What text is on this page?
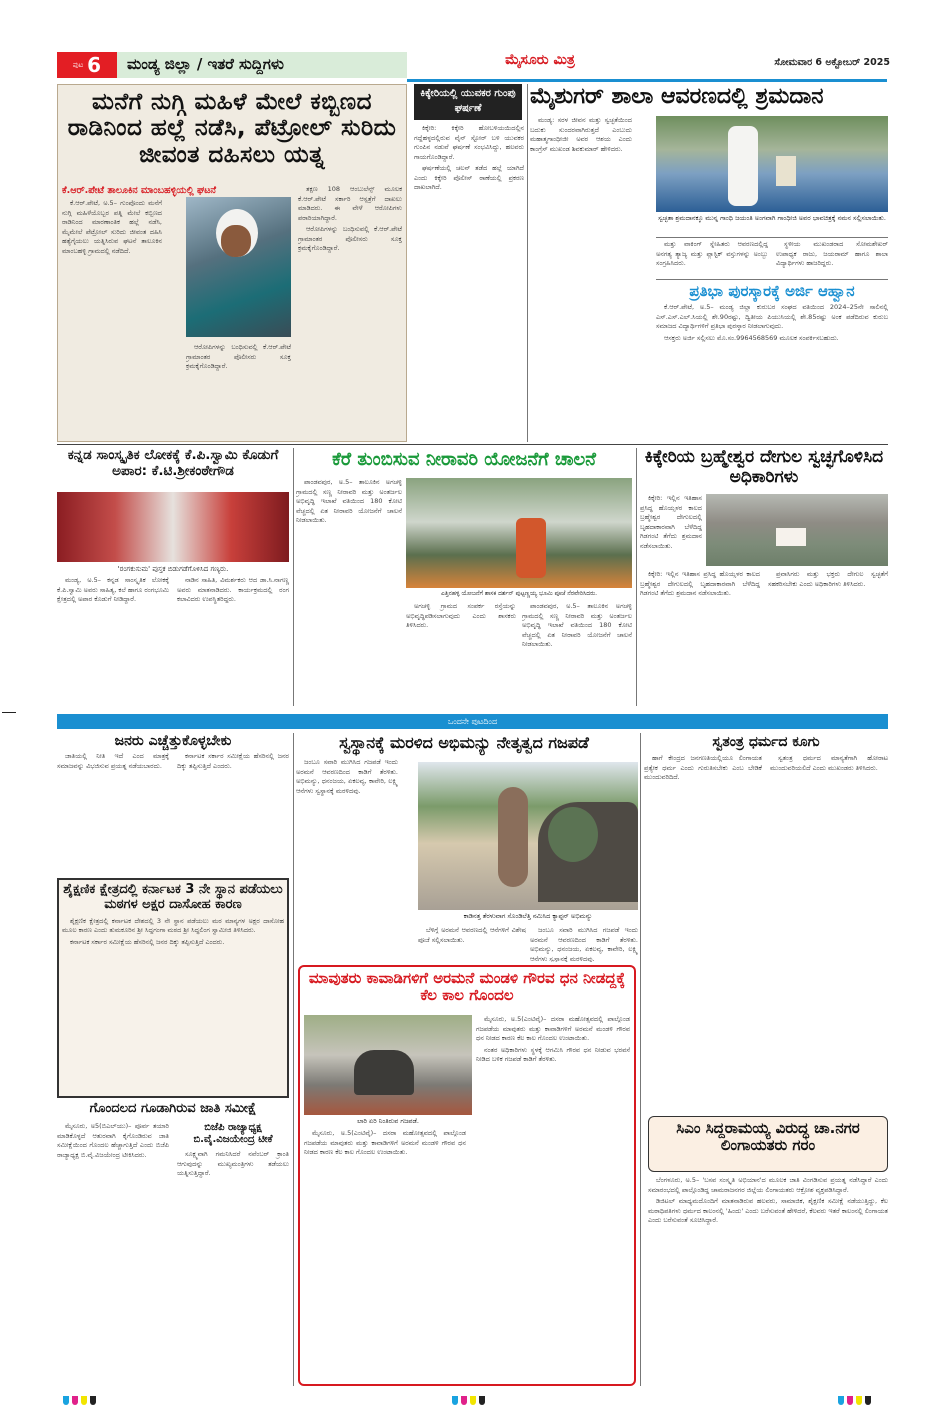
ಪುಟ 6	ಮಂಡ್ಯ ಜಿಲ್ಲಾ / ಇತರೆ ಸುದ್ದಿಗಳು	ಮೈಸೂರು ಮಿತ್ರ	ಸೋಮವಾರ 6 ಅಕ್ಟೋಬರ್ 2025
ಮನೆಗೆ ನುಗ್ಗಿ ಮಹಿಳೆ ಮೇಲೆ ಕಬ್ಬಿಣದ ರಾಡಿನಿಂದ ಹಲ್ಲೆ ನಡೆಸಿ, ಪೆಟ್ರೋಲ್ ಸುರಿದು ಜೀವಂತ ದಹಿಸಲು ಯತ್ನ
ಕೆ.ಆರ್.ಪೇಟೆ ತಾಲೂಕಿನ ಮಾಂಬಹಳ್ಳಿಯಲ್ಲಿ ಘಟನೆ

ಕೆ.ಆರ್.ಪೇಟೆ, ಅ.5– ಗುಂಪೊಂದು ಮನೆಗೆ ನುಗ್ಗಿ ಮಹಿಳೆಯೊಬ್ಬರ ಪತ್ನಿ ಮೇಲೆ ಕಬ್ಬಿಣದ ರಾಡಿನಿಂದ ಮಾರಣಾಂತಿಕ ಹಲ್ಲೆ ನಡೆಸಿ, ಮೈಮೇಲೆ ಪೆಟ್ರೋಲ್ ಸುರಿದು ಜೀವಂತ ದಹಿಸಿ ಹತ್ಯೆಗೈಯಲು ಯತ್ನಿಸಿರುವ ಘಟನೆ ತಾಲೂಕಿನ ಮಾಂಬಹಳ್ಳಿ ಗ್ರಾಮದಲ್ಲಿ ನಡೆದಿದೆ.

ಆರೋಪಿಗಳನ್ನು ಬಂಧಿಸುವಲ್ಲಿ ಕೆ.ಆರ್.ಪೇಟೆ ಗ್ರಾಮಾಂತರ ಪೊಲೀಸರು ಸೂಕ್ತ ಕ್ರಮಕೈಗೊಂಡಿದ್ದಾರೆ.

ತಕ್ಷಣ 108 ಆಂಬುಲೆನ್ಸ್ ಮೂಲಕ ಕೆ.ಆರ್.ಪೇಟೆ ಸರ್ಕಾರಿ ಆಸ್ಪತ್ರೆಗೆ ದಾಖಲು ಮಾಡಿದರು. ಈ ವೇಳೆ ಆರೋಪಿಗಳು ಪರಾರಿಯಾಗಿದ್ದಾರೆ.

ಆರೋಪಿಗಳನ್ನು ಬಂಧಿಸುವಲ್ಲಿ ಕೆ.ಆರ್.ಪೇಟೆ ಗ್ರಾಮಾಂತರ ಪೊಲೀಸರು ಸೂಕ್ತ ಕ್ರಮಕೈಗೊಂಡಿದ್ದಾರೆ.

ಕಿಕ್ಕೇರಿಯಲ್ಲಿ ಯುವಕರ ಗುಂಪು ಘರ್ಷಣೆ

ಕಿಕ್ಕೇರಿ: ಕಿಕ್ಕೇರಿ ಹೋಬಳಿಯಯಿದಲ್ಲಿನ ಗದ್ದೆಹಳ್ಳದಲ್ಲಿರುವ ವೈನ್ ಸ್ಟೋರ್ ಬಳಿ ಯುವಕರ ಗುಂಪಿನ ನಡುವೆ ಘರ್ಷಣೆ ಸಂಭವಿಸಿದ್ದು, ಹಲವರು ಗಾಯಗೊಂಡಿದ್ದಾರೆ.

ಘರ್ಷಣೆಯಲ್ಲಿ ಚಲನ್ ತಡೆದ ಹಲ್ಲೆ ಯಾಗಿದೆ ಎಂದು ಕಿಕ್ಕೇರಿ ಪೊಲೀಸ್ ಠಾಣೆಯಲ್ಲಿ ಪ್ರಕರಣ ದಾಖಲಾಗಿದೆ.

ಮೈಶುಗರ್ ಶಾಲಾ ಆವರಣದಲ್ಲಿ ಶ್ರಮದಾನ

ಮಂಡ್ಯ: ಸರಳ ಜೀವನ ಮತ್ತು ಸ್ವಚ್ಛತೆಯಿಂದ ಬದುಕು ಸುಂದರವಾಗಿರುತ್ತದೆ ಎಂಬುದು ಮಹಾತ್ಮಗಾಂಧೀಜೀ ಅವರ ಆಶಯ ಎಂದು ಕಾಂಗ್ರೆಸ್ ಮುಖಂಡ ಶಿವಕುಮಾರ್ ಹೇಳಿದರು.

ಸ್ವಚ್ಛತಾ ಶ್ರಮದಾನಕ್ಕೂ ಮುನ್ನ ಗಾಂಧಿ ಜಯಂತಿ ಅಂಗವಾಗಿ ಗಾಂಧೀಜಿ ಅವರ ಭಾವಚಿತ್ರಕ್ಕೆ ನಮನ ಸಲ್ಲಿಸಲಾಯಿತು.

ಮತ್ತು ವಾಕಿಂಗ್ ಸ್ನೇಹಿತರು ಆವರಣದಲ್ಲಿದ್ದ ಅನಗತ್ಯ ತ್ಯಾಜ್ಯ ಮತ್ತು ಪ್ಲಾಸ್ಟಿಕ್ ವಸ್ತುಗಳನ್ನು ಅಂಬ್ಬು ಸಂಗ್ರಹಿಸಿದರು.

ಸ್ಥಳೀಯ ಮುಖಂಡರಾದ ಸೋಮಶೇಖರ್ ಉಪಾಧ್ಯಕ ರಾಜು, ಜಯರಾಮ್ ಹಾಗೂ ಶಾಲಾ ವಿದ್ಯಾರ್ಥಿಗಳು ಹಾಜರಿದ್ದರು.

ಪ್ರತಿಭಾ ಪುರಸ್ಕಾರಕ್ಕೆ ಅರ್ಜಿ ಆಹ್ವಾನ

ಕೆ.ಆರ್.ಪೇಟೆ, ಅ.5– ಮಂಡ್ಯ ಜಿಲ್ಲಾ ಕುರುಬರ ಸಂಘದ ವತಿಯಿಂದ 2024–25ನೇ ಸಾಲಿನಲ್ಲಿ ಎಸ್.ಎಸ್.ಎಲ್.ಸಿಯಲ್ಲಿ ಶೇ.90ರಷ್ಟು, ದ್ವಿತೀಯ ಪಿಯುಸಿಯಲ್ಲಿ ಶೇ.85ರಷ್ಟು ಅಂಕ ಪಡೆದಿರುವ ಕುರುಬ ಸಮಾಜದ ವಿದ್ಯಾರ್ಥಿಗಳಿಗೆ ಪ್ರತಿಭಾ ಪುರಸ್ಕಾರ ನೀಡಲಾಗುವುದು.

ಆಸಕ್ತರು ಅರ್ಜಿ ಸಲ್ಲಿಸಲು ಮೊ.ಸಂ.9964568569 ಮೂಲಕ ಸಂಪರ್ಕಿಸಬಹುದು.

ಕನ್ನಡ ಸಾಂಸ್ಕೃತಿಕ ಲೋಕಕ್ಕೆ ಕೆ.ಪಿ.ಸ್ವಾಮಿ ಕೊಡುಗೆ ಅಪಾರ: ಕೆ.ಟಿ.ಶ್ರೀಕಂಠೇಗೌಡ
'ರಂಗಕುಸುಮ' ಪುಸ್ತಕ ಬಿಡುಗಡೆಗೊಳಿಸಿದ ಗಣ್ಯರು.

ಮಂಡ್ಯ, ಅ.5– ಕನ್ನಡ ಸಾಂಸ್ಕೃತಿಕ ಲೋಕಕ್ಕೆ ಕೆ.ಪಿ.ಸ್ವಾಮಿ ಅವರು ಸಾಹಿತ್ಯ, ಕಲೆ ಹಾಗೂ ರಂಗಭೂಮಿ ಕ್ಷೇತ್ರದಲ್ಲಿ ಅಪಾರ ಕೊಡುಗೆ ನೀಡಿದ್ದಾರೆ.

ನಾಡಿನ ಸಾಹಿತಿ, ವಿಮರ್ಶಕರು ಆದ ಡಾ.ಸಿ.ನಾಗಣ್ಣ ಅವರು ಮಾತನಾಡಿದರು. ಕಾರ್ಯಕ್ರಮದಲ್ಲಿ ರಂಗ ಕಲಾವಿದರು ಉಪಸ್ಥಿತರಿದ್ದರು.

ಕೆರೆ ತುಂಬಿಸುವ ನೀರಾವರಿ ಯೋಜನೆಗೆ ಚಾಲನೆ

ಪಾಂಡವಪುರ, ಅ.5– ತಾಲೂಕಿನ ಅಗಚಳ್ಳಿ ಗ್ರಾಮದಲ್ಲಿ ಸಣ್ಣ ನೀರಾವರಿ ಮತ್ತು ಅಂತರ್ಜಲ ಅಭಿವೃದ್ಧಿ ಇಲಾಖೆ ವತಿಯಿಂದ 180 ಕೋಟಿ ವೆಚ್ಚದಲ್ಲಿ ಏತ ನೀರಾವರಿ ಯೋಜನೆಗೆ ಚಾಲನೆ ನೀಡಲಾಯಿತು.

ಎತ್ತಿನಹಳ್ಳಿ ಯೋಜನೆಗೆ ಶಾಸಕ ದರ್ಶನ್ ಪುಟ್ಟಣ್ಣಯ್ಯ ಭೂಮಿ ಪೂಜೆ ನೆರವೇರಿಸಿದರು.

ಅಗಚಳ್ಳಿ ಗ್ರಾಮದ ಸಂಪರ್ಕ ರಸ್ತೆಯನ್ನು ಅಭಿವೃದ್ಧಿಪಡಿಸಲಾಗುವುದು ಎಂದು ಶಾಸಕರು ತಿಳಿಸಿದರು.

ಪಾಂಡವಪುರ, ಅ.5– ತಾಲೂಕಿನ ಅಗಚಳ್ಳಿ ಗ್ರಾಮದಲ್ಲಿ ಸಣ್ಣ ನೀರಾವರಿ ಮತ್ತು ಅಂತರ್ಜಲ ಅಭಿವೃದ್ಧಿ ಇಲಾಖೆ ವತಿಯಿಂದ 180 ಕೋಟಿ ವೆಚ್ಚದಲ್ಲಿ ಏತ ನೀರಾವರಿ ಯೋಜನೆಗೆ ಚಾಲನೆ ನೀಡಲಾಯಿತು.

ಕಿಕ್ಕೇರಿಯ ಬ್ರಹ್ಮೇಶ್ವರ ದೇಗುಲ ಸ್ವಚ್ಛಗೊಳಿಸಿದ ಅಧಿಕಾರಿಗಳು

ಕಿಕ್ಕೇರಿ: ಇಲ್ಲಿನ ಇತಿಹಾಸ ಪ್ರಸಿದ್ಧ ಹೊಯ್ಸಳರ ಕಾಲದ ಬ್ರಹ್ಮೇಶ್ವರ ದೇಗುಲದಲ್ಲಿ ಬೃಹದಾಕಾರವಾಗಿ ಬೆಳೆದಿದ್ದ ಗಿಡಗಂಟಿ ತೆಗೆದು ಶ್ರಮದಾನ ನಡೆಸಲಾಯಿತು.

ಕಿಕ್ಕೇರಿ: ಇಲ್ಲಿನ ಇತಿಹಾಸ ಪ್ರಸಿದ್ಧ ಹೊಯ್ಸಳರ ಕಾಲದ ಬ್ರಹ್ಮೇಶ್ವರ ದೇಗುಲದಲ್ಲಿ ಬೃಹದಾಕಾರವಾಗಿ ಬೆಳೆದಿದ್ದ ಗಿಡಗಂಟಿ ತೆಗೆದು ಶ್ರಮದಾನ ನಡೆಸಲಾಯಿತು.

ಪ್ರವಾಸಿಗರು ಮತ್ತು ಭಕ್ತರು ದೇಗುಲ ಸ್ವಚ್ಛತೆಗೆ ಸಹಕರಿಸಬೇಕು ಎಂದು ಅಧಿಕಾರಿಗಳು ತಿಳಿಸಿದರು.

ಒಂದನೇ ಪುಟದಿಂದ
ಜನರು ಎಚ್ಚೆತ್ತುಕೊಳ್ಳಬೇಕು

ಜಾತಿಯಲ್ಲಿ ನೀತಿ ಇದೆ ಎಂದ ಮಾತ್ರಕ್ಕೆ ಸಮಾಜವನ್ನು ವಿಭಜಿಸುವ ಪ್ರಯತ್ನ ನಡೆಯಬಾರದು.

ಕರ್ನಾಟಕ ಸರ್ಕಾರ ಸಮೀಕ್ಷೆಯ ಹೆಸರಿನಲ್ಲಿ ಜನರ ದಿಕ್ಕು ತಪ್ಪಿಸುತ್ತಿದೆ ಎಂದರು.

ಶೈಕ್ಷಣಿಕ ಕ್ಷೇತ್ರದಲ್ಲಿ ಕರ್ನಾಟಕ 3 ನೇ ಸ್ಥಾನ ಪಡೆಯಲು ಮಠಗಳ ಅಕ್ಷರ ದಾಸೋಹ ಕಾರಣ

ಶೈಕ್ಷಣಿಕ ಕ್ಷೇತ್ರದಲ್ಲಿ ಕರ್ನಾಟಕ ದೇಶದಲ್ಲಿ 3 ನೇ ಸ್ಥಾನ ಪಡೆಯಲು ಮಠ ಮಾನ್ಯಗಳ ಅಕ್ಷರ ದಾಸೋಹ ಮೂಲ ಕಾರಣ ಎಂದು ತುಮಕೂರಿನ ಶ್ರೀ ಸಿದ್ದಗಂಗಾ ಮಠದ ಶ್ರೀ ಸಿದ್ಧಲಿಂಗ ಸ್ವಾಮೀಜಿ ತಿಳಿಸಿದರು.

ಕರ್ನಾಟಕ ಸರ್ಕಾರ ಸಮೀಕ್ಷೆಯ ಹೆಸರಿನಲ್ಲಿ ಜನರ ದಿಕ್ಕು ತಪ್ಪಿಸುತ್ತಿದೆ ಎಂದರು.

ಗೊಂದಲದ ಗೂಡಾಗಿರುವ ಜಾತಿ ಸಮೀಕ್ಷೆ

ಮೈಸೂರು, ಅ5(ಬಿಎಲ್‌ಯು)– ಪೂರ್ವ ತಯಾರಿ ಮಾಡಿಕೊಳ್ಳದೆ ಆತುರವಾಗಿ ಕೈಗೊಂಡಿರುವ ಜಾತಿ ಸಮೀಕ್ಷೆಯಿಂದ ಗೊಂದಲ ಹೆಚ್ಚಾಗುತ್ತಿದೆ ಎಂದು ಬಿಜೆಪಿ ರಾಜ್ಯಾಧ್ಯಕ್ಷ ಬಿ.ವೈ.ವಿಜಯೇಂದ್ರ ಟೀಕಿಸಿದರು.

ಬಿಜೆಪಿ ರಾಜ್ಯಾಧ್ಯಕ್ಷ ಬಿ.ವೈ.ವಿಜಯೇಂದ್ರ ಟೀಕೆ

ಸೂಕ್ಷ್ಮವಾಗಿ ಗಮನಿಸಿದರೆ ನವೆಂಬರ್ ಕ್ರಾಂತಿ ಆಗುವುದನ್ನು ಮುಖ್ಯಮಂತ್ರಿಗಳು ತಡೆಯಲು ಯತ್ನಿಸುತ್ತಿದ್ದಾರೆ.

ಸ್ವಸ್ಥಾನಕ್ಕೆ ಮರಳಿದ ಅಭಿಮನ್ಯು ನೇತೃತ್ವದ ಗಜಪಡೆ

ಜಂಬೂ ಸವಾರಿ ಮುಗಿಸಿದ ಗಜಪಡೆ ಇಂದು ಅರಮನೆ ಆವರಣದಿಂದ ಕಾಡಿಗೆ ತೆರಳಿತು. ಅಭಿಮನ್ಯು, ಧನಂಜಯ, ಏಕಲವ್ಯ, ಕಾವೇರಿ, ಲಕ್ಷ್ಮಿ ಆನೆಗಳು ಸ್ವಸ್ಥಾನಕ್ಕೆ ಮರಳಿದವು.

ಕಾಡಿನತ್ತ ತೆರಳುವಾಗ ಸೊಂಡಿಲೆತ್ತಿ ನಮಿಸಿದ ಕ್ಯಾಪ್ಟನ್ ಅಭಿಮನ್ಯು

ಬೆಳಿಗ್ಗೆ ಅರಮನೆ ಆವರಣದಲ್ಲಿ ಆನೆಗಳಿಗೆ ವಿಶೇಷ ಪೂಜೆ ಸಲ್ಲಿಸಲಾಯಿತು.

ಜಂಬೂ ಸವಾರಿ ಮುಗಿಸಿದ ಗಜಪಡೆ ಇಂದು ಅರಮನೆ ಆವರಣದಿಂದ ಕಾಡಿಗೆ ತೆರಳಿತು. ಅಭಿಮನ್ಯು, ಧನಂಜಯ, ಏಕಲವ್ಯ, ಕಾವೇರಿ, ಲಕ್ಷ್ಮಿ ಆನೆಗಳು ಸ್ವಸ್ಥಾನಕ್ಕೆ ಮರಳಿದವು.

ಮಾವುತರು ಕಾವಾಡಿಗಳಿಗೆ ಅರಮನೆ ಮಂಡಳಿ ಗೌರವ ಧನ ನೀಡದ್ದಕ್ಕೆ ಕೆಲ ಕಾಲ ಗೊಂದಲ
ಲಾರಿ ಏರಿ ನಿಂತಿರುವ ಗಜಪಡೆ.

ಮೈಸೂರು, ಅ.5(ಎಂಟಿವೈ)– ದಸರಾ ಮಹೋತ್ಸವದಲ್ಲಿ ಪಾಲ್ಗೊಂಡ ಗಜಪಡೆಯ ಮಾವುತರು ಮತ್ತು ಕಾವಾಡಿಗಳಿಗೆ ಅರಮನೆ ಮಂಡಳಿ ಗೌರವ ಧನ ನೀಡದ ಕಾರಣ ಕೆಲ ಕಾಲ ಗೊಂದಲ ಉಂಟಾಯಿತು.

ಮೈಸೂರು, ಅ.5(ಎಂಟಿವೈ)– ದಸರಾ ಮಹೋತ್ಸವದಲ್ಲಿ ಪಾಲ್ಗೊಂಡ ಗಜಪಡೆಯ ಮಾವುತರು ಮತ್ತು ಕಾವಾಡಿಗಳಿಗೆ ಅರಮನೆ ಮಂಡಳಿ ಗೌರವ ಧನ ನೀಡದ ಕಾರಣ ಕೆಲ ಕಾಲ ಗೊಂದಲ ಉಂಟಾಯಿತು.

ನಂತರ ಅಧಿಕಾರಿಗಳು ಸ್ಥಳಕ್ಕೆ ಆಗಮಿಸಿ ಗೌರವ ಧನ ನೀಡುವ ಭರವಸೆ ನೀಡಿದ ಬಳಿಕ ಗಜಪಡೆ ಕಾಡಿಗೆ ತೆರಳಿತು.

ಸ್ವತಂತ್ರ ಧರ್ಮದ ಕೂಗು

ಹಾಗೆ ಕೇಂದ್ರದ ಜನಗಣತಿಯಲ್ಲಿಯೂ ಲಿಂಗಾಯತ ಪ್ರತ್ಯೇಕ ಧರ್ಮ ಎಂದು ಗುರುತಿಸಬೇಕು ಎಂಬ ಬೇಡಿಕೆ ಮುಂದುವರಿದಿದೆ.

ಸ್ವತಂತ್ರ ಧರ್ಮದ ಮಾನ್ಯತೆಗಾಗಿ ಹೋರಾಟ ಮುಂದುವರಿಯಲಿದೆ ಎಂದು ಮುಖಂಡರು ತಿಳಿಸಿದರು.

ಸಿಎಂ ಸಿದ್ದರಾಮಯ್ಯ ವಿರುದ್ಧ ಚಾ.ನಗರ ಲಿಂಗಾಯತರು ಗರಂ

ಬೆಂಗಳೂರು, ಅ.5– 'ಬಸವ ಸಂಸ್ಕೃತಿ ಅಭಿಯಾನ'ದ ಮೂಲಕ ಜಾತಿ ವಿಂಗಡಿಸುವ ಪ್ರಯತ್ನ ನಡೆಸಿದ್ದಾರೆ ಎಂದು ಸಮಾರಂಭದಲ್ಲಿ ಪಾಲ್ಗೊಂಡಿದ್ದ ಚಾಮರಾಜನಗರ ಜಿಲ್ಲೆಯ ಲಿಂಗಾಯತರು ಆಕ್ರೋಶ ವ್ಯಕ್ತಪಡಿಸಿದ್ದಾರೆ.

ಡಿಜಿಟಲ್ ಮಾಧ್ಯಮದೊಂದಿಗೆ ಮಾತನಾಡಿರುವ ಹಲವರು, ಸಾಮಾಜಿಕ, ಶೈಕ್ಷಣಿಕ ಸಮೀಕ್ಷೆ ನಡೆಯುತ್ತಿದ್ದು, ಕೆಲ ಮಠಾಧಿಪತಿಗಳು ಧರ್ಮದ ಕಾಲಂನಲ್ಲಿ 'ಹಿಂದು' ಎಂದು ಬರೆಸುವಂತೆ ಹೇಳಿದರೆ, ಕೆಲವರು ಇತರೆ ಕಾಲಂನಲ್ಲಿ ಲಿಂಗಾಯತ ಎಂದು ಬರೆಸುವಂತೆ ಸೂಚಿಸಿದ್ದಾರೆ.
